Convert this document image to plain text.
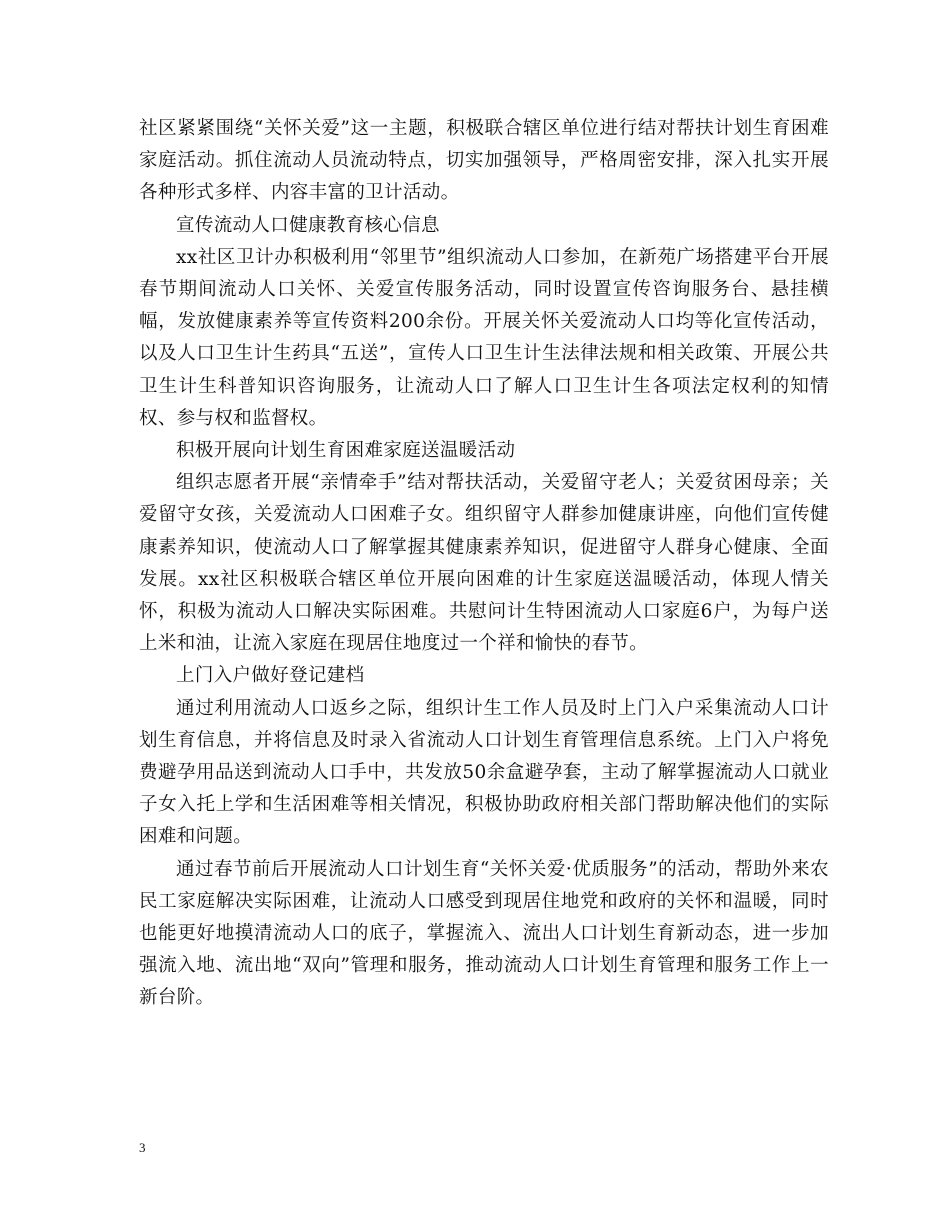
社区紧紧围绕“关怀关爱”这一主题，积极联合辖区单位进行结对帮扶计划生育困难家庭活动。抓住流动人员流动特点，切实加强领导，严格周密安排，深入扎实开展各种形式多样、内容丰富的卫计活动。

宣传流动人口健康教育核心信息

xx社区卫计办积极利用“邻里节”组织流动人口参加，在新苑广场搭建平台开展春节期间流动人口关怀、关爱宣传服务活动，同时设置宣传咨询服务台、悬挂横幅，发放健康素养等宣传资料200余份。开展关怀关爱流动人口均等化宣传活动，以及人口卫生计生药具“五送”，宣传人口卫生计生法律法规和相关政策、开展公共卫生计生科普知识咨询服务，让流动人口了解人口卫生计生各项法定权利的知情权、参与权和监督权。

积极开展向计划生育困难家庭送温暖活动

组织志愿者开展“亲情牵手”结对帮扶活动，关爱留守老人；关爱贫困母亲；关爱留守女孩，关爱流动人口困难子女。组织留守人群参加健康讲座，向他们宣传健康素养知识，使流动人口了解掌握其健康素养知识，促进留守人群身心健康、全面发展。xx社区积极联合辖区单位开展向困难的计生家庭送温暖活动，体现人情关怀，积极为流动人口解决实际困难。共慰问计生特困流动人口家庭6户，为每户送上米和油，让流入家庭在现居住地度过一个祥和愉快的春节。

上门入户做好登记建档

通过利用流动人口返乡之际，组织计生工作人员及时上门入户采集流动人口计划生育信息，并将信息及时录入省流动人口计划生育管理信息系统。上门入户将免费避孕用品送到流动人口手中，共发放50余盒避孕套，主动了解掌握流动人口就业子女入托上学和生活困难等相关情况，积极协助政府相关部门帮助解决他们的实际困难和问题。

通过春节前后开展流动人口计划生育“关怀关爱·优质服务”的活动，帮助外来农民工家庭解决实际困难，让流动人口感受到现居住地党和政府的关怀和温暖，同时也能更好地摸清流动人口的底子，掌握流入、流出人口计划生育新动态，进一步加强流入地、流出地“双向”管理和服务，推动流动人口计划生育管理和服务工作上一新台阶。

3
